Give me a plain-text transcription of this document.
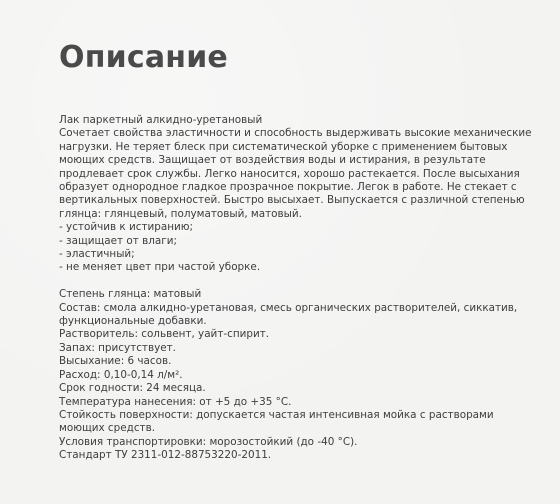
Описание
Лак паркетный алкидно-уретановый
Сочетает свойства эластичности и способность выдерживать высокие механические
нагрузки. Не теряет блеск при систематической уборке с применением бытовых
моющих средств. Защищает от воздействия воды и истирания, в результате
продлевает срок службы. Легко наносится, хорошо растекается. После высыхания
образует однородное гладкое прозрачное покрытие. Легок в работе. Не стекает с
вертикальных поверхностей. Быстро высыхает. Выпускается с различной степенью
глянца: глянцевый, полуматовый, матовый.
- устойчив к истиранию;
- защищает от влаги;
- эластичный;
- не меняет цвет при частой уборке.
Степень глянца: матовый
Состав: смола алкидно-уретановая, смесь органических растворителей, сиккатив,
функциональные добавки.
Растворитель: сольвент, уайт-спирит.
Запах: присутствует.
Высыхание: 6 часов.
Расход: 0,10-0,14 л/м².
Срок годности: 24 месяца.
Температура нанесения: от +5 до +35 °С.
Стойкость поверхности: допускается частая интенсивная мойка с растворами
моющих средств.
Условия транспортировки: морозостойкий (до -40 °С).
Стандарт ТУ 2311-012-88753220-2011.
